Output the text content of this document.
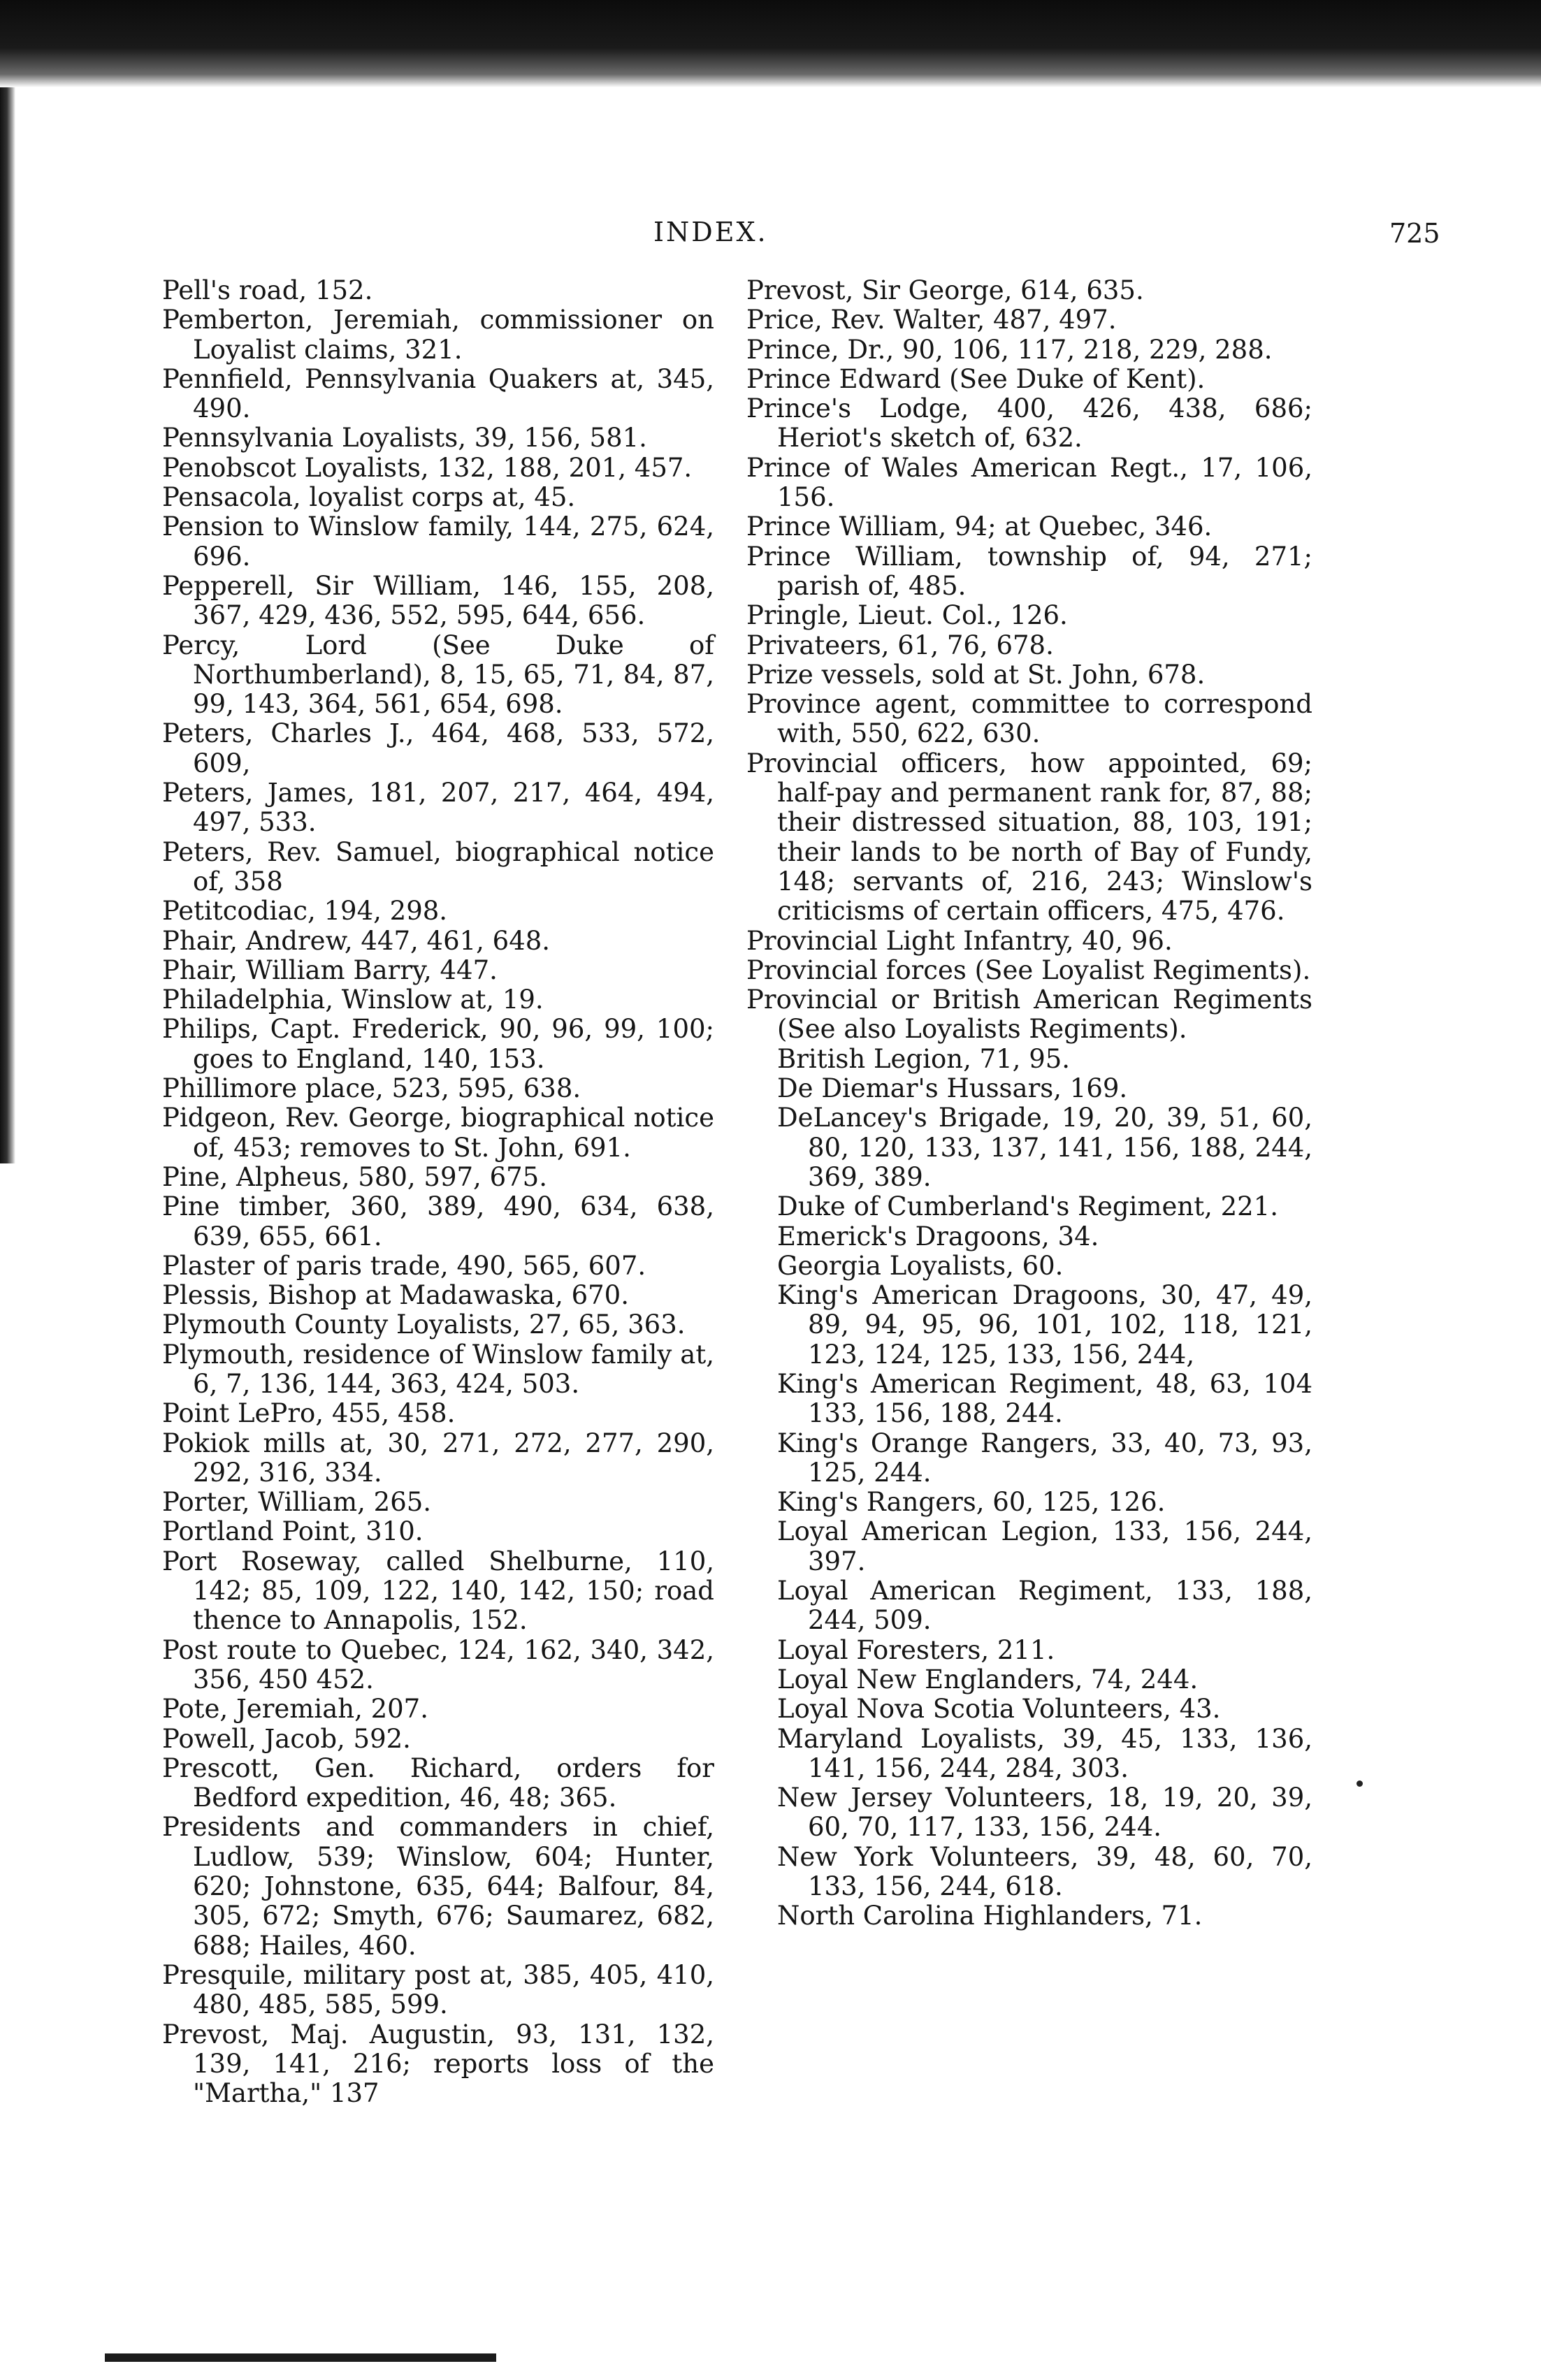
INDEX.	725
Pell's road, 152.
Pemberton, Jeremiah, commissioner on Loyalist claims, 321.
Pennfield, Pennsylvania Quakers at, 345, 490.
Pennsylvania Loyalists, 39, 156, 581.
Penobscot Loyalists, 132, 188, 201, 457.
Pensacola, loyalist corps at, 45.
Pension to Winslow family, 144, 275, 624, 696.
Pepperell, Sir William, 146, 155, 208, 367, 429, 436, 552, 595, 644, 656.
Percy, Lord (See Duke of Northumberland), 8, 15, 65, 71, 84, 87, 99, 143, 364, 561, 654, 698.
Peters, Charles J., 464, 468, 533, 572, 609,
Peters, James, 181, 207, 217, 464, 494, 497, 533.
Peters, Rev. Samuel, biographical notice of, 358
Petitcodiac, 194, 298.
Phair, Andrew, 447, 461, 648.
Phair, William Barry, 447.
Philadelphia, Winslow at, 19.
Philips, Capt. Frederick, 90, 96, 99, 100; goes to England, 140, 153.
Phillimore place, 523, 595, 638.
Pidgeon, Rev. George, biographical notice of, 453; removes to St. John, 691.
Pine, Alpheus, 580, 597, 675.
Pine timber, 360, 389, 490, 634, 638, 639, 655, 661.
Plaster of paris trade, 490, 565, 607.
Plessis, Bishop at Madawaska, 670.
Plymouth County Loyalists, 27, 65, 363.
Plymouth, residence of Winslow family at, 6, 7, 136, 144, 363, 424, 503.
Point LePro, 455, 458.
Pokiok mills at, 30, 271, 272, 277, 290, 292, 316, 334.
Porter, William, 265.
Portland Point, 310.
Port Roseway, called Shelburne, 110, 142; 85, 109, 122, 140, 142, 150; road thence to Annapolis, 152.
Post route to Quebec, 124, 162, 340, 342, 356, 450 452.
Pote, Jeremiah, 207.
Powell, Jacob, 592.
Prescott, Gen. Richard, orders for Bedford expedition, 46, 48; 365.
Presidents and commanders in chief, Ludlow, 539; Winslow, 604; Hunter, 620; Johnstone, 635, 644; Balfour, 84, 305, 672; Smyth, 676; Saumarez, 682, 688; Hailes, 460.
Presquile, military post at, 385, 405, 410, 480, 485, 585, 599.
Prevost, Maj. Augustin, 93, 131, 132, 139, 141, 216; reports loss of the "Martha," 137
Prevost, Sir George, 614, 635.
Price, Rev. Walter, 487, 497.
Prince, Dr., 90, 106, 117, 218, 229, 288.
Prince Edward (See Duke of Kent).
Prince's Lodge, 400, 426, 438, 686; Heriot's sketch of, 632.
Prince of Wales American Regt., 17, 106, 156.
Prince William, 94; at Quebec, 346.
Prince William, township of, 94, 271; parish of, 485.
Pringle, Lieut. Col., 126.
Privateers, 61, 76, 678.
Prize vessels, sold at St. John, 678.
Province agent, committee to correspond with, 550, 622, 630.
Provincial officers, how appointed, 69; half-pay and permanent rank for, 87, 88; their distressed situation, 88, 103, 191; their lands to be north of Bay of Fundy, 148; servants of, 216, 243; Winslow's criticisms of certain officers, 475, 476.
Provincial Light Infantry, 40, 96.
Provincial forces (See Loyalist Regiments).
Provincial or British American Regiments (See also Loyalists Regiments).
British Legion, 71, 95.
De Diemar's Hussars, 169.
DeLancey's Brigade, 19, 20, 39, 51, 60, 80, 120, 133, 137, 141, 156, 188, 244, 369, 389.
Duke of Cumberland's Regiment, 221.
Emerick's Dragoons, 34.
Georgia Loyalists, 60.
King's American Dragoons, 30, 47, 49, 89, 94, 95, 96, 101, 102, 118, 121, 123, 124, 125, 133, 156, 244,
King's American Regiment, 48, 63, 104 133, 156, 188, 244.
King's Orange Rangers, 33, 40, 73, 93, 125, 244.
King's Rangers, 60, 125, 126.
Loyal American Legion, 133, 156, 244, 397.
Loyal American Regiment, 133, 188, 244, 509.
Loyal Foresters, 211.
Loyal New Englanders, 74, 244.
Loyal Nova Scotia Volunteers, 43.
Maryland Loyalists, 39, 45, 133, 136, 141, 156, 244, 284, 303.
New Jersey Volunteers, 18, 19, 20, 39, 60, 70, 117, 133, 156, 244.
New York Volunteers, 39, 48, 60, 70, 133, 156, 244, 618.
North Carolina Highlanders, 71.
